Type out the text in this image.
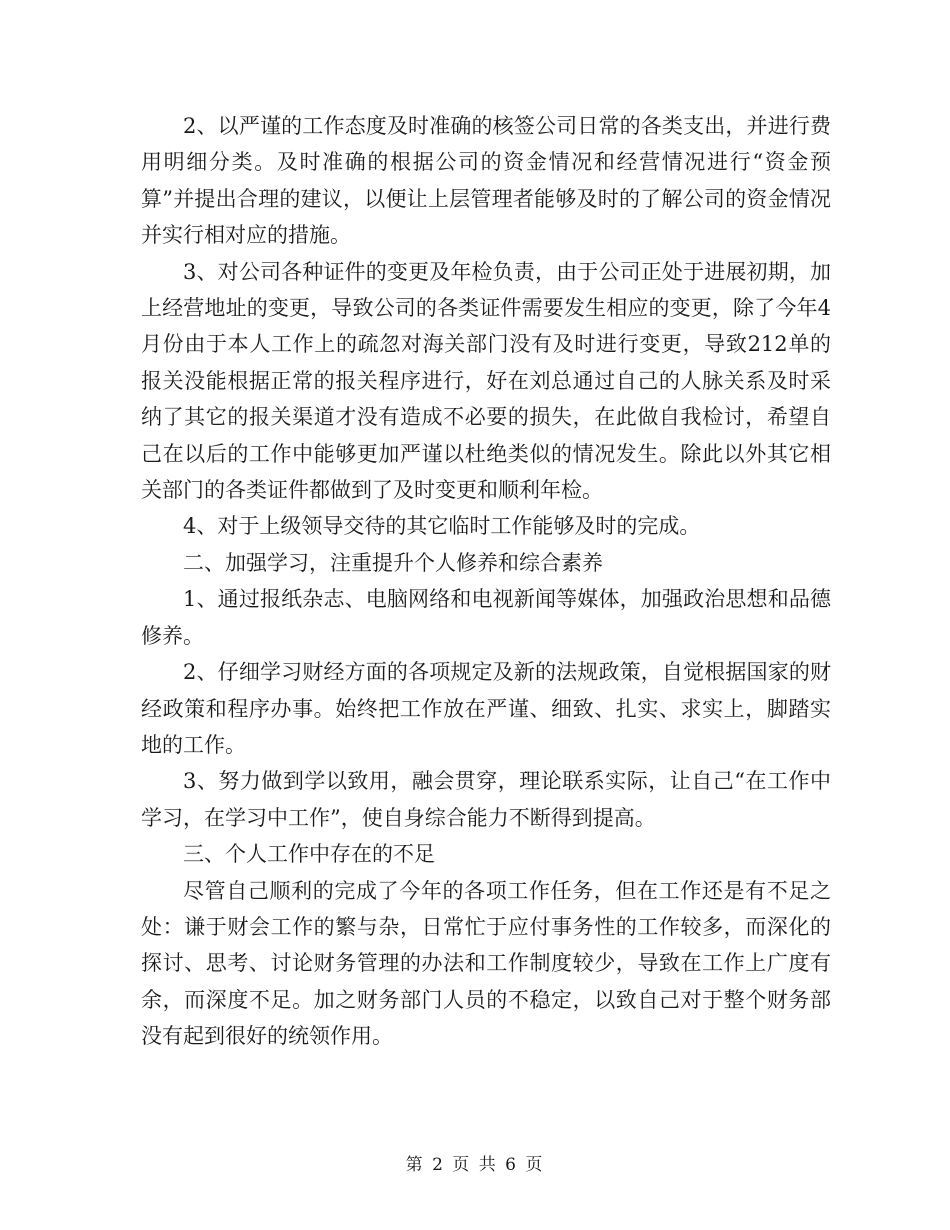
2、以严谨的工作态度及时准确的核签公司日常的各类支出，并进行费用明细分类。及时准确的根据公司的资金情况和经营情况进行“资金预算”并提出合理的建议，以便让上层管理者能够及时的了解公司的资金情况并实行相对应的措施。

3、对公司各种证件的变更及年检负责，由于公司正处于进展初期，加上经营地址的变更，导致公司的各类证件需要发生相应的变更，除了今年4月份由于本人工作上的疏忽对海关部门没有及时进行变更，导致212单的报关没能根据正常的报关程序进行，好在刘总通过自己的人脉关系及时采纳了其它的报关渠道才没有造成不必要的损失，在此做自我检讨，希望自己在以后的工作中能够更加严谨以杜绝类似的情况发生。除此以外其它相关部门的各类证件都做到了及时变更和顺利年检。

4、对于上级领导交待的其它临时工作能够及时的完成。

二、加强学习，注重提升个人修养和综合素养

1、通过报纸杂志、电脑网络和电视新闻等媒体，加强政治思想和品德修养。

2、仔细学习财经方面的各项规定及新的法规政策，自觉根据国家的财经政策和程序办事。始终把工作放在严谨、细致、扎实、求实上，脚踏实地的工作。

3、努力做到学以致用，融会贯穿，理论联系实际，让自己“在工作中学习，在学习中工作”，使自身综合能力不断得到提高。

三、个人工作中存在的不足

尽管自己顺利的完成了今年的各项工作任务，但在工作还是有不足之处：谦于财会工作的繁与杂，日常忙于应付事务性的工作较多，而深化的探讨、思考、讨论财务管理的办法和工作制度较少，导致在工作上广度有余，而深度不足。加之财务部门人员的不稳定，以致自己对于整个财务部没有起到很好的统领作用。

第 2 页 共 6 页
